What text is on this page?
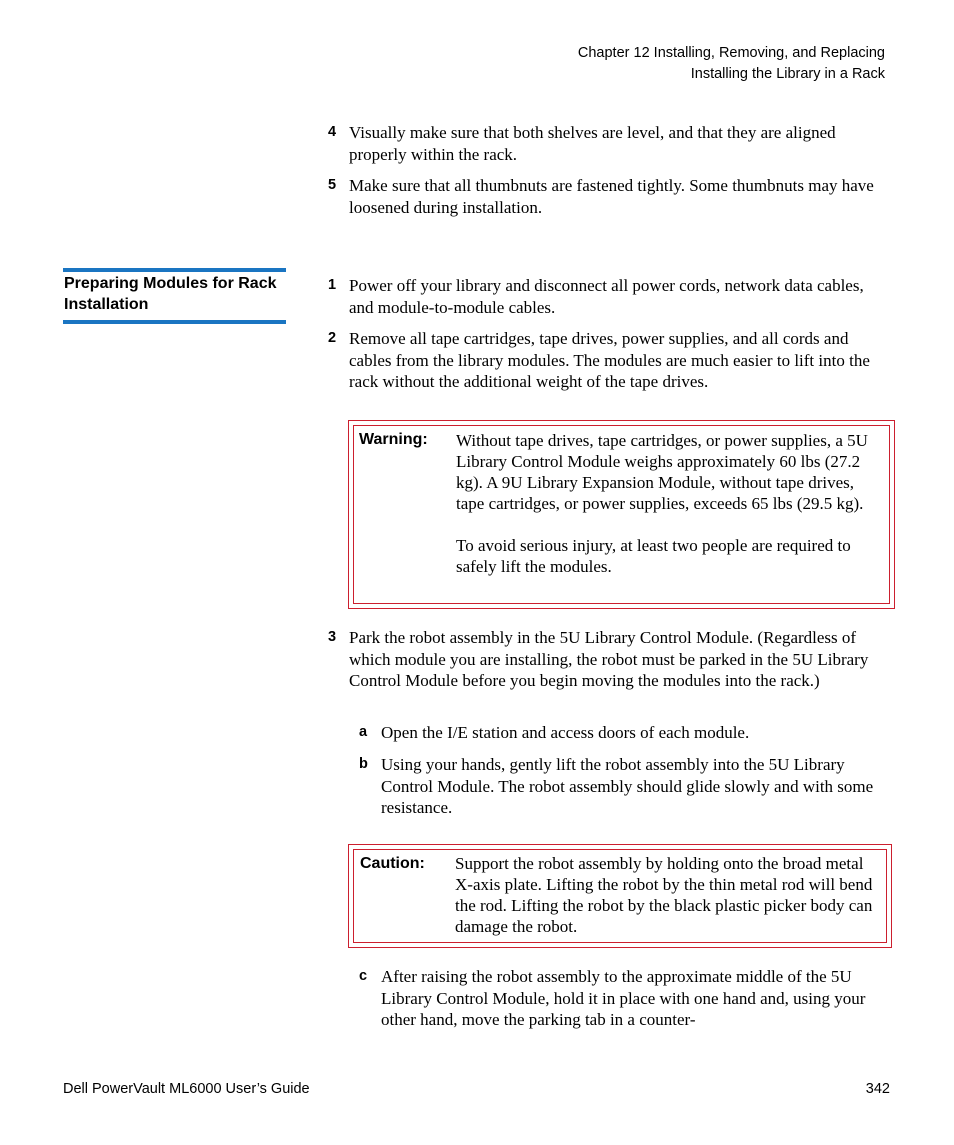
Chapter 12 Installing, Removing, and Replacing
Installing the Library in a Rack
4 Visually make sure that both shelves are level, and that they are aligned properly within the rack.
5 Make sure that all thumbnuts are fastened tightly. Some thumbnuts may have loosened during installation.
Preparing Modules for Rack Installation
1 Power off your library and disconnect all power cords, network data cables, and module-to-module cables.
2 Remove all tape cartridges, tape drives, power supplies, and all cords and cables from the library modules. The modules are much easier to lift into the rack without the additional weight of the tape drives.
Warning: Without tape drives, tape cartridges, or power supplies, a 5U Library Control Module weighs approximately 60 lbs (27.2 kg). A 9U Library Expansion Module, without tape drives, tape cartridges, or power supplies, exceeds 65 lbs (29.5 kg).

To avoid serious injury, at least two people are required to safely lift the modules.

3 Park the robot assembly in the 5U Library Control Module. (Regardless of which module you are installing, the robot must be parked in the 5U Library Control Module before you begin moving the modules into the rack.)
a Open the I/E station and access doors of each module.
b Using your hands, gently lift the robot assembly into the 5U Library Control Module. The robot assembly should glide slowly and with some resistance.
Caution: Support the robot assembly by holding onto the broad metal X-axis plate. Lifting the robot by the thin metal rod will bend the rod. Lifting the robot by the black plastic picker body can damage the robot.
c After raising the robot assembly to the approximate middle of the 5U Library Control Module, hold it in place with one hand and, using your other hand, move the parking tab in a counter-
Dell PowerVault ML6000 User’s Guide	342
